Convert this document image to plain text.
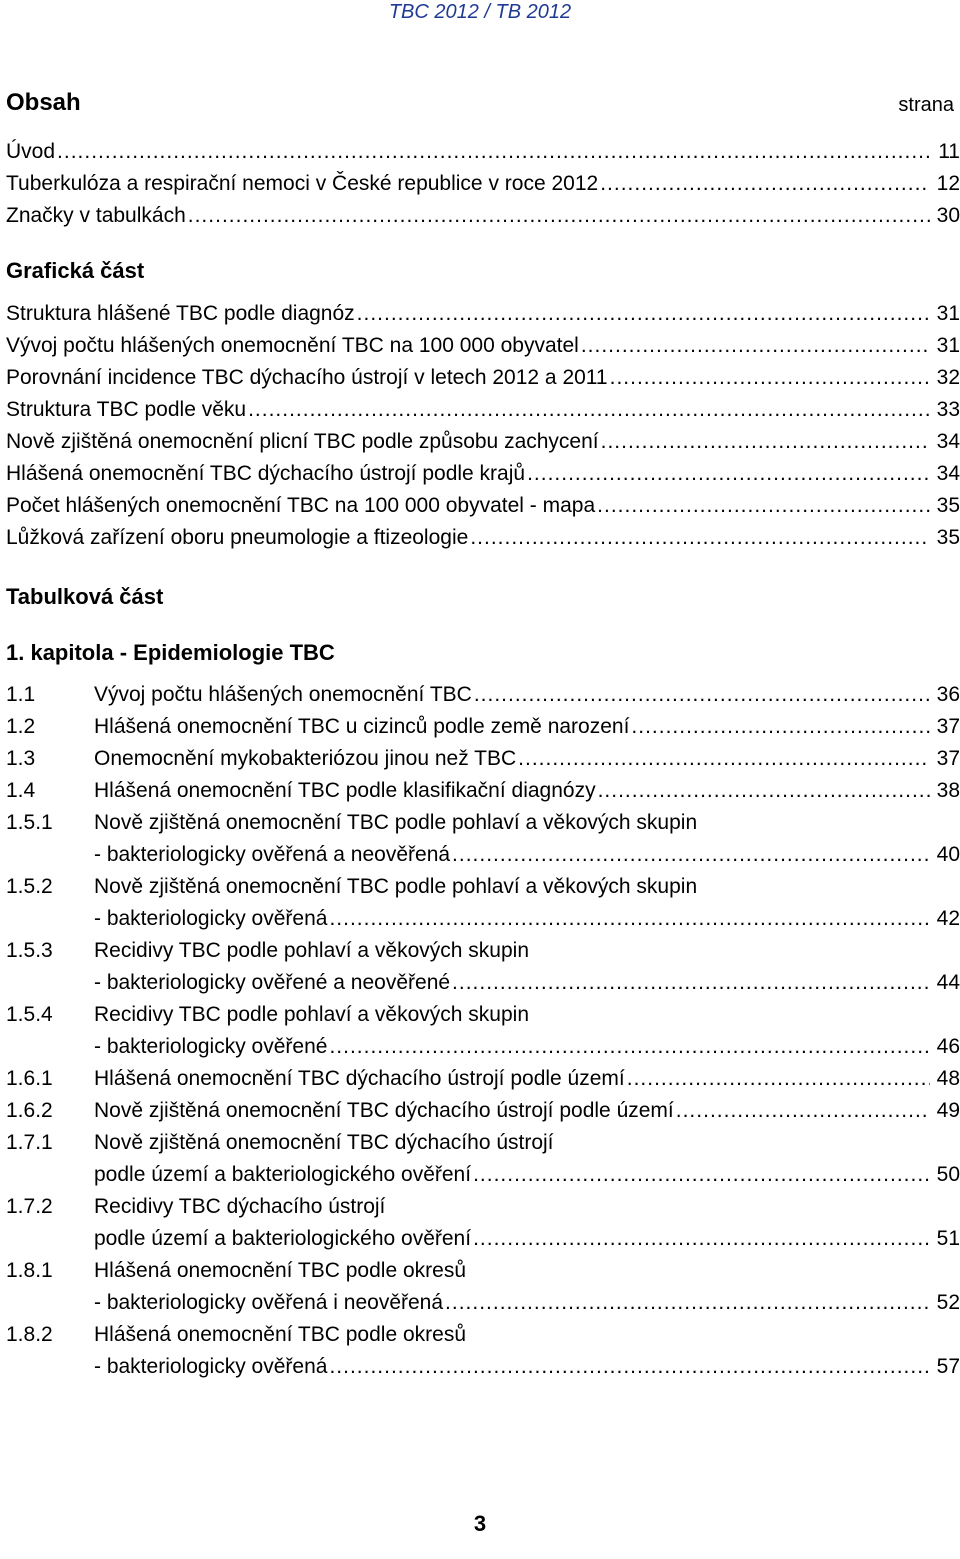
TBC 2012 / TB 2012
Obsah	strana
Úvod .....	11
Tuberkulóza a respirační nemoci v České republice v roce 2012 .....	12
Značky v tabulkách .....	30
Grafická část
Struktura hlášené TBC podle diagnóz .....	31
Vývoj počtu hlášených onemocnění TBC na 100 000 obyvatel .....	31
Porovnání incidence TBC dýchacího ústrojí v letech 2012 a 2011 .....	32
Struktura TBC podle věku .....	33
Nově zjištěná onemocnění plicní TBC podle způsobu zachycení .....	34
Hlášená onemocnění TBC dýchacího ústrojí podle krajů .....	34
Počet hlášených onemocnění TBC na 100 000 obyvatel - mapa .....	35
Lůžková zařízení oboru pneumologie a ftizeologie .....	35
Tabulková část
1. kapitola - Epidemiologie TBC
1.1	Vývoj počtu hlášených onemocnění TBC .....	36
1.2	Hlášená onemocnění TBC u cizinců podle země narození .....	37
1.3	Onemocnění mykobakteriózou jinou než TBC .....	37
1.4	Hlášená onemocnění TBC podle klasifikační diagnózy .....	38
1.5.1 Nově zjištěná onemocnění TBC podle pohlaví a věkových skupin
- bakteriologicky ověřená a neověřená .....	40
1.5.2 Nově zjištěná onemocnění TBC podle pohlaví a věkových skupin
- bakteriologicky ověřená .....	42
1.5.3 Recidivy TBC podle pohlaví a věkových skupin
- bakteriologicky ověřené a neověřené .....	44
1.5.4 Recidivy TBC podle pohlaví a věkových skupin
- bakteriologicky ověřené .....	46
1.6.1 Hlášená onemocnění TBC dýchacího ústrojí podle území .....	48
1.6.2 Nově zjištěná onemocnění TBC dýchacího ústrojí podle území .....	49
1.7.1 Nově zjištěná onemocnění TBC dýchacího ústrojí
podle území a bakteriologického ověření .....	50
1.7.2 Recidivy TBC dýchacího ústrojí
podle území a bakteriologického ověření .....	51
1.8.1 Hlášená onemocnění TBC podle okresů
- bakteriologicky ověřená i neověřená .....	52
1.8.2 Hlášená onemocnění TBC podle okresů
- bakteriologicky ověřená .....	57
3
